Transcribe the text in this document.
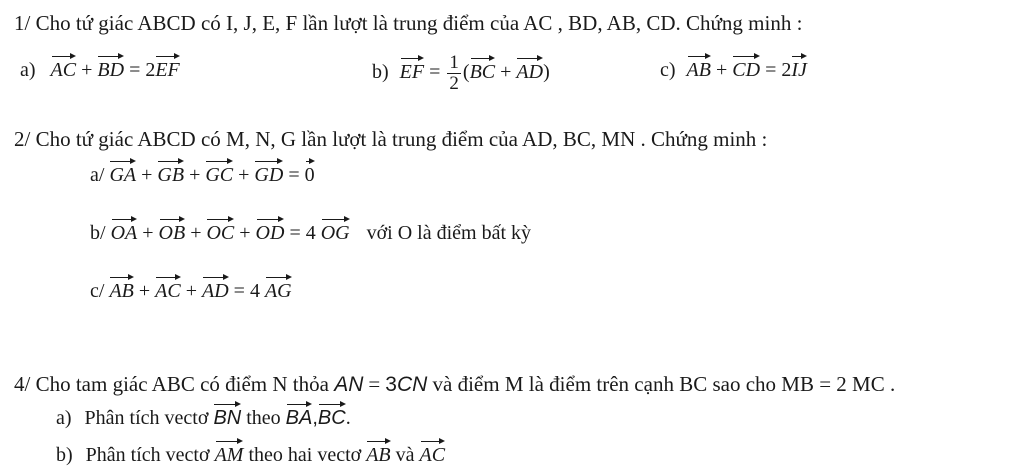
1/ Cho tứ giác ABCD có I, J, E, F lần lượt là trung điểm của AC , BD, AB, CD. Chứng minh :
a) AC + BD = 2EF	b) EF = $\frac{1}{2} (BC + AD)$	c) AB + CD = 2IJ
2/ Cho tứ giác ABCD có M, N, G lần lượt là trung điểm của AD, BC, MN . Chứng minh :
a/ GA + GB + GC + GD = 0
b/ OA + OB + OC + OD = 4 OG với O là điểm bất kỳ
c/ AB + AC + AD = 4 AG
4/ Cho tam giác ABC có điểm N thỏa AN = 3CN và điểm M là điểm trên cạnh BC sao cho MB = 2 MC .
a) Phân tích vectơ BN theo BA,BC.
b) Phân tích vectơ AM theo hai vectơ AB và AC
